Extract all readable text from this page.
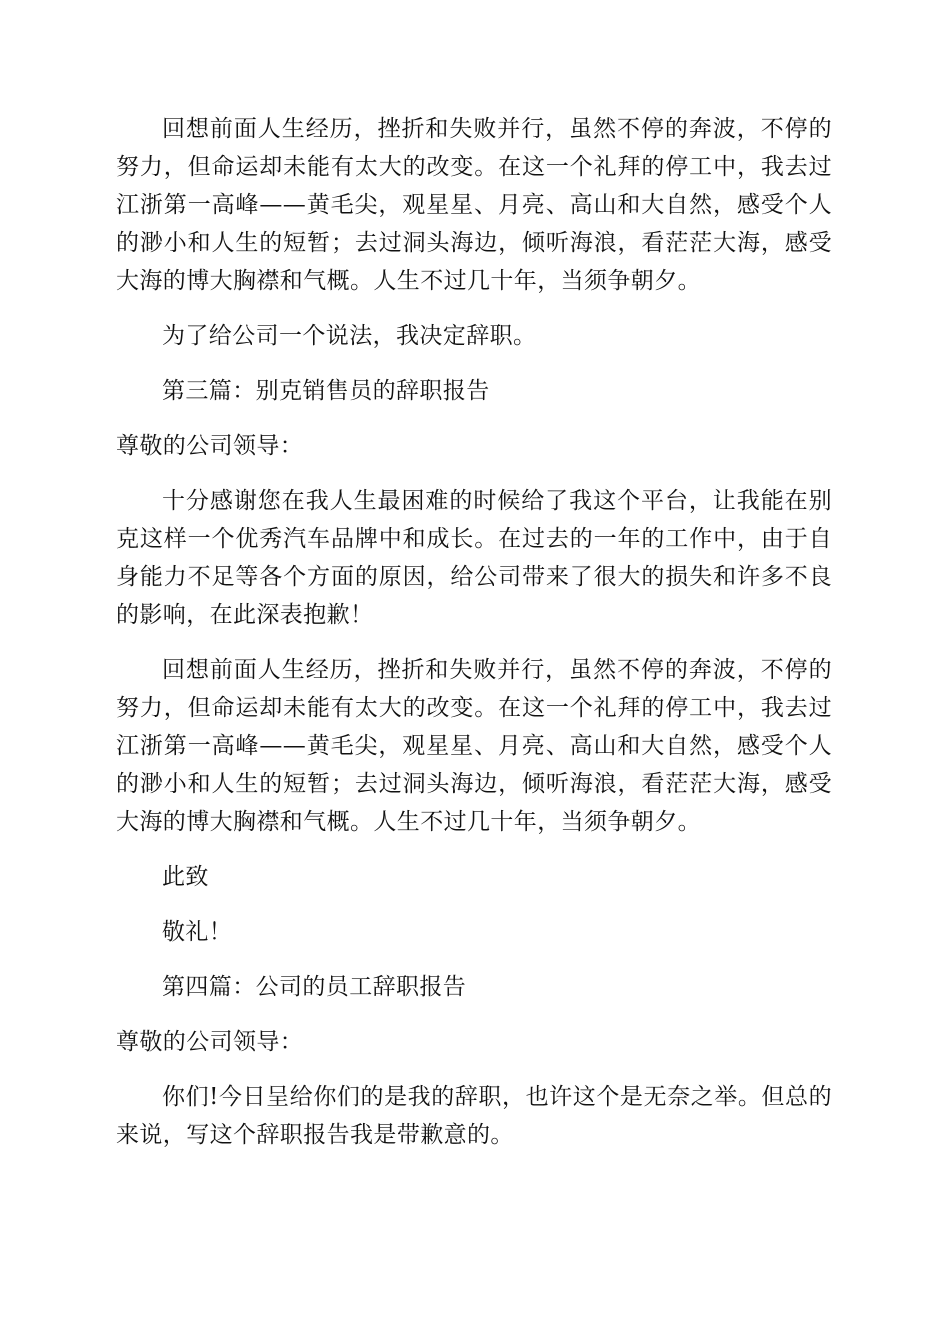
回想前面人生经历，挫折和失败并行，虽然不停的奔波，不停的努力，但命运却未能有太大的改变。在这一个礼拜的停工中，我去过江浙第一高峰——黄毛尖，观星星、月亮、高山和大自然，感受个人的渺小和人生的短暂；去过洞头海边，倾听海浪，看茫茫大海，感受大海的博大胸襟和气概。人生不过几十年，当须争朝夕。

为了给公司一个说法，我决定辞职。

第三篇：别克销售员的辞职报告

尊敬的公司领导：

十分感谢您在我人生最困难的时候给了我这个平台，让我能在别克这样一个优秀汽车品牌中和成长。在过去的一年的工作中，由于自身能力不足等各个方面的原因，给公司带来了很大的损失和许多不良的影响，在此深表抱歉！

回想前面人生经历，挫折和失败并行，虽然不停的奔波，不停的努力，但命运却未能有太大的改变。在这一个礼拜的停工中，我去过江浙第一高峰——黄毛尖，观星星、月亮、高山和大自然，感受个人的渺小和人生的短暂；去过洞头海边，倾听海浪，看茫茫大海，感受大海的博大胸襟和气概。人生不过几十年，当须争朝夕。

此致

敬礼！

第四篇：公司的员工辞职报告

尊敬的公司领导：

你们!今日呈给你们的是我的辞职，也许这个是无奈之举。但总的来说，写这个辞职报告我是带歉意的。
